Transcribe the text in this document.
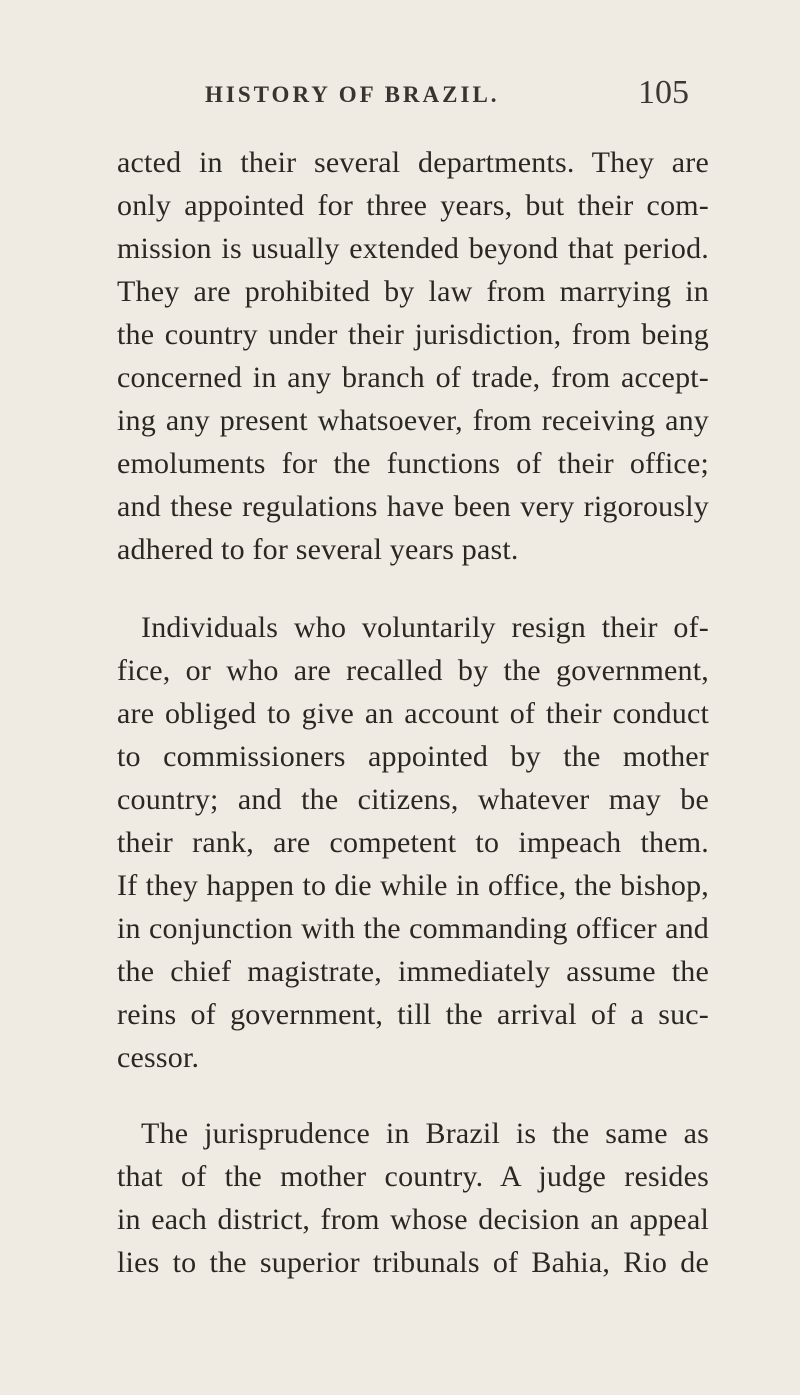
HISTORY OF BRAZIL.	105
acted in their several departments. They are
only appointed for three years, but their com-
mission is usually extended beyond that period.
They are prohibited by law from marrying in
the country under their jurisdiction, from being
concerned in any branch of trade, from accept-
ing any present whatsoever, from receiving any
emoluments for the functions of their office;
and these regulations have been very rigorously
adhered to for several years past.
Individuals who voluntarily resign their of-
fice, or who are recalled by the government,
are obliged to give an account of their conduct
to commissioners appointed by the mother
country; and the citizens, whatever may be
their rank, are competent to impeach them.
If they happen to die while in office, the bishop,
in conjunction with the commanding officer and
the chief magistrate, immediately assume the
reins of government, till the arrival of a suc-
cessor.
The jurisprudence in Brazil is the same as
that of the mother country. A judge resides
in each district, from whose decision an appeal
lies to the superior tribunals of Bahia, Rio de
